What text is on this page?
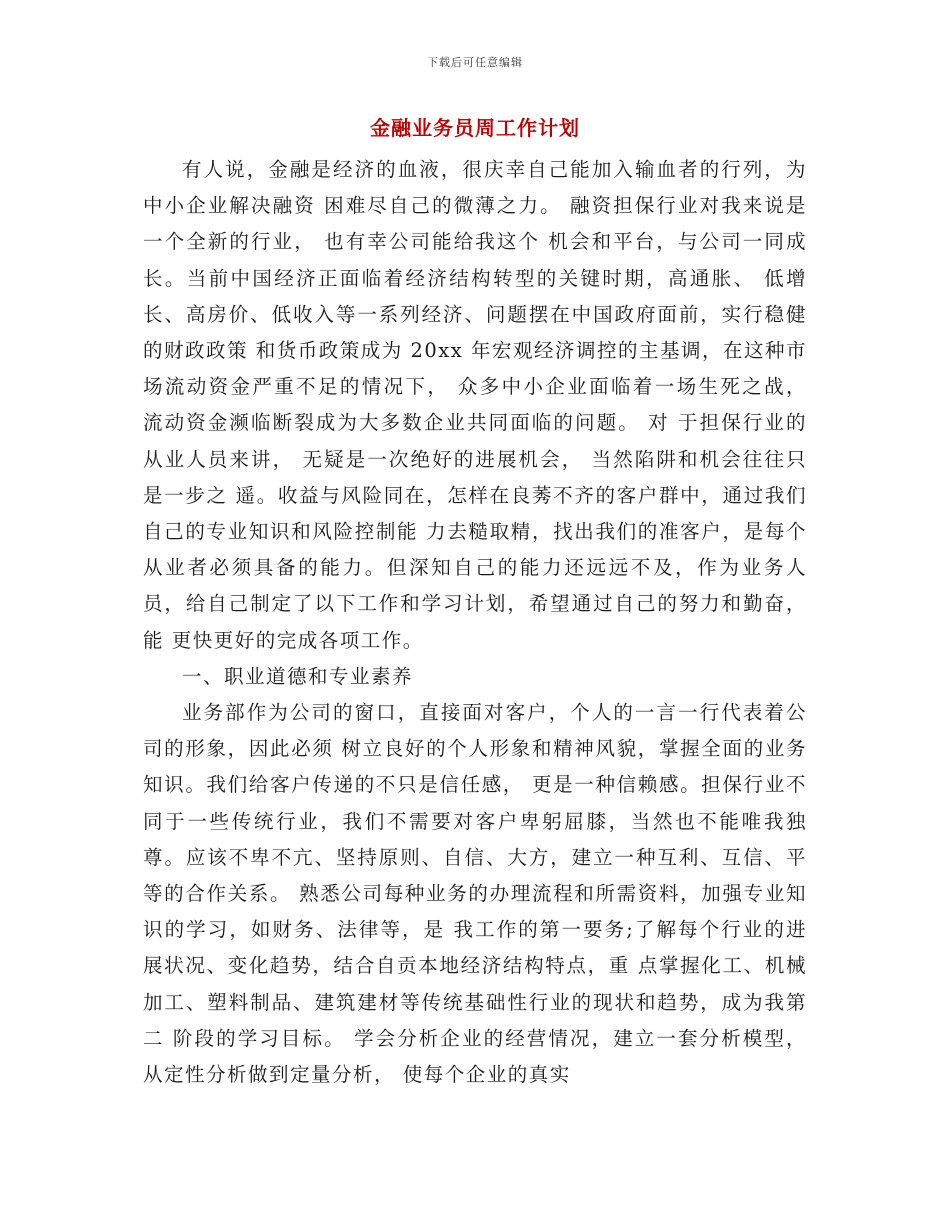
下载后可任意编辑
金融业务员周工作计划

有人说，金融是经济的血液，很庆幸自己能加入输血者的行列，为中小企业解决融资 困难尽自己的微薄之力。 融资担保行业对我来说是一个全新的行业， 也有幸公司能给我这个 机会和平台，与公司一同成长。当前中国经济正面临着经济结构转型的关键时期，高通胀、 低增长、高房价、低收入等一系列经济、问题摆在中国政府面前，实行稳健的财政政策 和货币政策成为 20xx 年宏观经济调控的主基调，在这种市场流动资金严重不足的情况下， 众多中小企业面临着一场生死之战， 流动资金濒临断裂成为大多数企业共同面临的问题。 对 于担保行业的从业人员来讲， 无疑是一次绝好的进展机会， 当然陷阱和机会往往只是一步之 遥。收益与风险同在，怎样在良莠不齐的客户群中，通过我们自己的专业知识和风险控制能 力去糙取精，找出我们的准客户，是每个从业者必须具备的能力。但深知自己的能力还远远不及，作为业务人员，给自己制定了以下工作和学习计划，希望通过自己的努力和勤奋，能 更快更好的完成各项工作。

一、职业道德和专业素养

业务部作为公司的窗口，直接面对客户，个人的一言一行代表着公司的形象，因此必须 树立良好的个人形象和精神风貌，掌握全面的业务知识。我们给客户传递的不只是信任感， 更是一种信赖感。担保行业不同于一些传统行业，我们不需要对客户卑躬屈膝，当然也不能唯我独尊。应该不卑不亢、坚持原则、自信、大方，建立一种互利、互信、平等的合作关系。 熟悉公司每种业务的办理流程和所需资料，加强专业知识的学习，如财务、法律等，是 我工作的第一要务;了解每个行业的进展状况、变化趋势，结合自贡本地经济结构特点，重 点掌握化工、机械加工、塑料制品、建筑建材等传统基础性行业的现状和趋势，成为我第二 阶段的学习目标。 学会分析企业的经营情况，建立一套分析模型， 从定性分析做到定量分析， 使每个企业的真实
